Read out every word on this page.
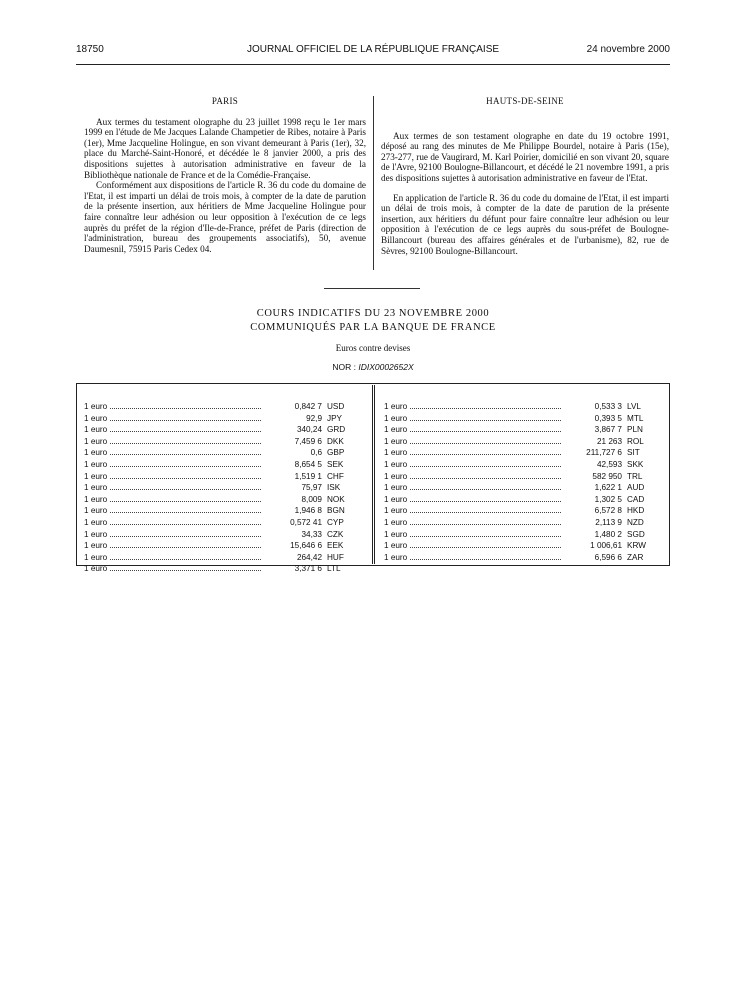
18750	JOURNAL OFFICIEL DE LA RÉPUBLIQUE FRANÇAISE	24 novembre 2000
PARIS

Aux termes du testament olographe du 23 juillet 1998 reçu le 1er mars 1999 en l'étude de Me Jacques Lalande Champetier de Ribes, notaire à Paris (1er), Mme Jacqueline Holingue, en son vivant demeurant à Paris (1er), 32, place du Marché-Saint-Honoré, et décédée le 8 janvier 2000, a pris des dispositions sujettes à autorisation administrative en faveur de la Bibliothèque nationale de France et de la Comédie-Française.

Conformément aux dispositions de l'article R. 36 du code du domaine de l'Etat, il est imparti un délai de trois mois, à compter de la date de parution de la présente insertion, aux héritiers de Mme Jacqueline Holingue pour faire connaître leur adhésion ou leur opposition à l'exécution de ce legs auprès du préfet de la région d'Ile-de-France, préfet de Paris (direction de l'administration, bureau des groupements associatifs), 50, avenue Daumesnil, 75915 Paris Cedex 04.

HAUTS-DE-SEINE

Aux termes de son testament olographe en date du 19 octobre 1991, déposé au rang des minutes de Me Philippe Bourdel, notaire à Paris (15e), 273-277, rue de Vaugirard, M. Karl Poirier, domicilié en son vivant 20, square de l'Avre, 92100 Boulogne-Billancourt, et décédé le 21 novembre 1991, a pris des dispositions sujettes à autorisation administrative en faveur de l'Etat.

En application de l'article R. 36 du code du domaine de l'Etat, il est imparti un délai de trois mois, à compter de la date de parution de la présente insertion, aux héritiers du défunt pour faire connaître leur adhésion ou leur opposition à l'exécution de ce legs auprès du sous-préfet de Boulogne-Billancourt (bureau des affaires générales et de l'urbanisme), 82, rue de Sèvres, 92100 Boulogne-Billancourt.

COURS INDICATIFS DU 23 NOVEMBRE 2000
COMMUNIQUÉS PAR LA BANQUE DE FRANCE
Euros contre devises
NOR : IDIX0002652X
1 euro	0,842 7 USD
1 euro	92,9 JPY
1 euro	340,24 GRD
1 euro	7,459 6 DKK
1 euro	0,6 GBP
1 euro	8,654 5 SEK
1 euro	1,519 1 CHF
1 euro	75,97 ISK
1 euro	8,009 NOK
1 euro	1,946 8 BGN
1 euro	0,572 41 CYP
1 euro	34,33 CZK
1 euro	15,646 6 EEK
1 euro	264,42 HUF
1 euro	3,371 6 LTL
1 euro	0,533 3 LVL
1 euro	0,393 5 MTL
1 euro	3,867 7 PLN
1 euro	21 263 ROL
1 euro	211,727 6 SIT
1 euro	42,593 SKK
1 euro	582 950 TRL
1 euro	1,622 1 AUD
1 euro	1,302 5 CAD
1 euro	6,572 8 HKD
1 euro	2,113 9 NZD
1 euro	1,480 2 SGD
1 euro	1 006,61 KRW
1 euro	6,596 6 ZAR
